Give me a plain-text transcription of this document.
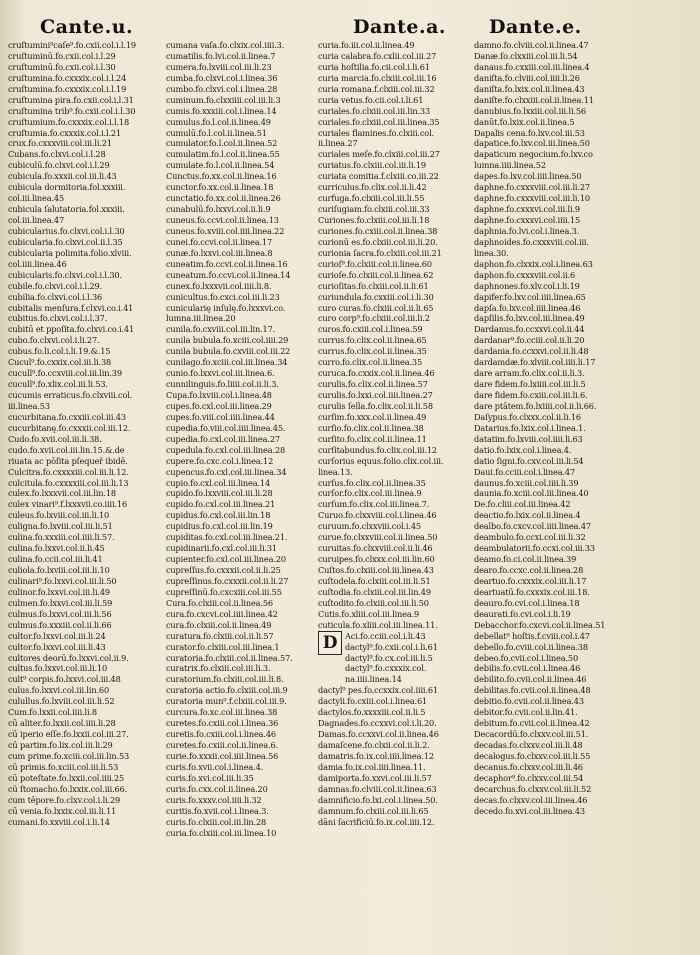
Cante.u.	Dante.a. Dante.e.
cruſtumini⁹caſe⁹.fo.cxii.col.i.l.19
cruſtuminū.fo.cxii.col.i.l.29
cruſtuminū.fo.cxii.col.i.l.30
cruſtumina.fo.cxxxix.col.i.l.24
cruſtumina.fo.cxxxix.col.i.l.19
cruſtumina pira.fo.cxii.col.i.l.31
cruſtumina trib⁹.fo.cxii.col.i.l.30
cruſtumium.fo.cxxxix.col.i.l.18
cruſtumia.fo.cxxxix.col.i.l.21
crux.fo.cxxxviii.col.iii.li.21
Cubans.fo.clxvi.col.i.l.28
cubiculū.fo.clxvi.col.i.l.29
cubicula.fo.xxxii.col.iii.li.43
cubicula dormitoria.fol.xxxiii.
col.iii.linea.45
cubicula ſalutatoria.fol.xxxiii.
col.iii.linea.47
cubicularius.fo.clxvi.col.i.l.30
cubicularia.fo.clxvi.col.ii.l.35
cubicularia polimita.folio.xlviii.
col.iiii.linea.46
cubicularis.fo.clxvi.col.i.l.30.
cubile.fo.clxvi.col.i.l.29.
cubilia.fo.clxvi.col.i.l.36
cubitalis menſura.f.clxvi.co.i.41
cubitus.fo.clxvi.col.i.l.37.
cubitū et ppoſita.fo.clxvi.co.i.41
cubo.fo.clxvi.col.i.li.27.
cubus.fo.li.col.i.li.19.&.15
Cucul⁹.fo.cxxix.col.iii.li.38
cucull⁹.fo.ccxviii.col.iii.lin.39
cucull⁹.fo.xlix.col.iii.li.53.
cucumis erraticus.fo.clxviii.col.
iii.linea.53
cucurbitana.fo.cxxiii.col.iii.43
cucurbitanę.fo.cxxxii.col.iii.12.
Cudo.fo.xvii.col.iii.li.38.
cudo.fo.xvii.col.iii.lin.15.&.de
riuata ac pōſita pſequeř ibidē.
Culcitra.fo.cxxxxiii.col.iii.li.12.
culcitula.fo.cxxxxiii.col.iii.li.13
culex.fo.lxxxvii.col.iii.lin.18
culex vinari⁹.f.lxxxvii.co.iiii.16
culeus.fo.lxviii.col.iii.li.10
culigna.fo.lxviii.col.iii.li.51
culina.fo.xxxiii.col.iiii.li.57.
culina.fo.lxxvi.col.ii.li.45
culina.fo.ccii.col.iii.li.41
culiola.fo.lxviii.col.iii.li.10
culinari⁹.fo.lxxvi.col.iii.li.50
culinor.fo.lxxvi.col.iii.li.49
culmen.fo.lxxvi.col.iii.li.59
culmus.fo.lxxvi.col.iii.li.56
culmus.fo.xxxiii.col.ii.li.66
cultor.fo.lxxvi.col.iii.li.24
cultor.fo.lxxvi.col.iii.li.43
cultores deorū.fo.lxxvi.col.ii.9.
cultus.fo.lxxvi.col.iii.li.10
cult⁹ corpis.fo.lxxvi.col.iii.48
culus.fo.lxxvi.col.iii.lin.60
culullus.fo.lxviii.col.iii.li.52
Cum.fo.lxxii.col.iiii.li.8
cū aliter.fo.lxxii.col.iiii.li.28
cū iperio eſſe.fo.lxxii.col.iii.27.
cū partim.fo.lix.col.iii.li.29
cum prime.fo.xciii.col.iii.lin.53
cū primis.fo.xciii.col.iii.li.53
cū poteſtate.fo.lxxii.col.iiii.25
cū ſtomacho.fo.lxxix.col.iii.66.
cum tēpore.fo.clxv.col.i.li.29
cū venia.fo.lxxix.col.iii.li.11
cumani.fo.xxviii.col.i.li.14
cumana vaſa.fo.clxix.col.iiii.3.
cumatilis.fo.lvi.col.ii.linea.7
cumera.fo.lxviii.col.iii.li.23
cumba.fo.clxvi.col.i.linea.36
cumbo.fo.clxvi.col.i.linea.28
cuminum.fo.clxxiiii.col.iii.li.3
cumis.fo.xxxiii.col.i.linea.14
cumulus.fo.l.col.ii.linea.49
cumulū.fo.l.col.ii.linea.51
cumulator.fo.l.col.ii.linea.52
cumulatim.fo.l.col.ii.linea.55
cumulate.fo.l.col.ii.linea.54
Cunctus.fo.xx.col.ii.linea.16
cunctor.fo.xx.col.ii.linea.18
cunctatio.fo.xx.col.ii.linea.26
cunabulū.fo.lxxvi.col.ii.li.9
cuneus.fo.ccvi.col.ii.linea.13
cuneus.fo.xviii.col.iiii.linea.22
cunei.fo.ccvi.col.ii.linea.17
cunæ.fo.lxxvi.col.iii.linea.8
cuneatim.fo.ccvi.col.ii.linea.16
cuneatum.fo.ccvi.col.ii.linea.14
cunex.fo.lxxxvii.col.iiii.li.8.
cunicultus.fo.cxci.col.iii.li.23
cunicularię inſulę.fo.lxxxvi.co.
lumna.iii.linea.20
cunila.fo.cxviii.col.iii.lin.17.
cunila bubula.fo.xciii.col.iiii.29
cunila bubula.fo.cxviii.col.iii.22
cunilago.fo.xciii.col.iii.linea.34
cunio.fo.lxxvi.col.iii.linea.6.
cunnilinguis.fo.liiii.col.ii.li.3.
Cupa.fo.lxviii.col.i.linea.48
cupes.fo.cxl.col.iii.linea.29
cupes.fo.viii.col.iiii.linea.44
cupedia.fo.viii.col.iiii.linea.45.
cupedia.fo.cxl.col.iii.linea.27
cupedula.fo.cxl.col.iii.linea.28
cupere.fo.cxc.col.i.linea.12
cupencus.fo.cxl.col.iii.linea.34
cupio.fo.cxl.col.iii.linea.14
cupido.fo.lxxviii.col.iii.li.28
cupido.fo.cxl.col.iii.linea.21
cupidus.fo.cxl.col.iii.lin.18
cupidius.fo.cxl.col.iii.lin.19
cupiditas.fo.cxl.col.iii.linea.21.
cupidinarii.fo.cxl.col.iii.li.31
cupienter.fo.cxl.col.iii.linea.20
cupreſſus.fo.cxxxii.col.ii.li.25
cupreſſinus.fo.cxxxii.col.ii.li.27
cupreſſinū.fo.cxcxiii.col.iii.55
Cura.fo.clxiii.col.ii.linea.56
cura.fo.cxcvi.col.iiii.linea.42
cura.fo.clxiii.col.ii.linea.49
curatura.fo.clxiii.col.ii.li.57
curator.fo.clxiii.col.iii.linea.1
curatoria.fo.clxiii.col.ii.linea.57.
curatrix.fo.clxiii.col.iii.li.3.
curatorium.fo.clxiii.col.iii.li.8.
curatoria actio.fo.clxiii.col.iii.9
curatoria mun⁹.f.clxiii.col.iii.9.
curcura.fo.xc.col.iii.linea.38
curetes.fo.cxiii.col.i.linea.36
curetis.fo.cxiii.col.i.linea.46
curetes.fo.cxiii.col.ii.linea.6.
curie.fo.xxxii.col.iiii.linea.56
curis.fo.xvii.col.i.linea.4.
curis.fo.xvi.col.iii.li.35
curis.fo.cxx.col.ii.linea.20
curis.fo.xxxv.col.iiii.li.32
curitis.fo.xvii.col.i.linea.3.
curis.fo.clxiii.col.iii.lin.28
curia.fo.clxiii.col.iii.linea.10
curia.fo.iii.col.ii.linea.49
curia calabra.fo.cxlii.col.iii.27
curia hoſtilia.fo.cii.col.i.li.61
curia marcia.fo.clxiii.col.iii.16
curia romana.f.clxiii.col.iii.32
curia vetus.fo.cii.col.i.li.61
curiales.fo.clxiii.col.iii.lin.33
curiales.fo.clxiii.col.iii.linea.35
curiales flamines.fo.clxiii.col.
ii.linea.27
curiales meſe.fo.clxiii.col.iii.27
curiatus.fo.clxiii.col.iii.li.19
curiata comitia.f.clxiii.co.iii.22
curriculus.fo.clix.col.ii.li.42
curfuga.fo.clxiii.col.iii.li.55
curiſugiam.fo.clxiii.col.iii.33
Curiones.fo.clxiii.col.iii.li.18
curiones.fo.cxiii.col.ii.linea.38
curionū es.fo.clxiii.col.iii.li.20.
curionia ſacra.fo.clxiii.col.iii.21
curioſ⁹.fo.clxiii.col.ii.linea.60
curioſe.fo.clxiii.col.ii.linea.62
curioſitas.fo.clxiii.col.ii.li.61
curiundula.fo.cxxiii.col.i.li.30
curo curas.fo.clxiii.col.ii.li.65
curo corp⁹.fo.clxiii.col.iii.li.2
curos.fo.cxiii.col.i.linea.59
currus.fo.clix.col.ii.linea.65
currus.fo.clix.col.ii.linea.35
curro.fo.clix.col.ii.linea.35
curuca.fo.cxxix.col.ii.linea.46
curulis.fo.clix.col.ii.linea.57
curulis.fo.lxxi.col.iiii.linea.27
curulis ſella.fo.clix.col.ii.li.58
curſim.fo.xxx.col.ii.linea.49
curſio.fo.clix.col.ii.linea.38
curſito.fo.clix.col.ii.linea.11
curſitabundus.fo.clix.col.iii.12
curſorius equus.folio.clix.col.iii.
linea.13.
curſus.fo.clix.col.ii.linea.35
curſor.fo.clix.col.iii.linea.9
curſum.fo.clix.col.iii.linea.7.
Curuo.fo.clxxviii.col.i.linea.46
curuum.fo.clxxviii.col.i.45
curue.fo.clxxviii.col.ii.linea.50
curuitas.fo.clxxviii.col.ii.li.46
curuipes.fo.clxxx.col.iii.lin.60
Cuſtos.fo.clxiii.col.iii.linea.43
cuſtodela.fo.clxiii.col.iii.li.51
cuſtodia.fo.clxiii.col.iii.lin.49
cuſtodito.fo.clxiii.col.iii.li.50
Cutis.fo.xliii.col.iii.linea.9
cuticula.fo.xliii.col.iii.linea.11.
D Aci.fo.cciii.col.i.li.43
dactyl⁹.fo.cxii.col.i.li.61
dactyl⁹.fo.cx.col.iii.li.5
dactyl⁹.fo.cxxxix.col.
na.iiii.linea.14
dactyl⁹ pes.fo.ccxxix.col.iiii.61
dactyli.fo.cxiii.col.i.linea.61
dactylos.fo.xxxxiii.col.ii.li.5
Dagnades.fo.ccxxvi.col.i.li.20.
Damas.fo.ccxxvi.col.ii.linea.46
damaſcene.fo.clxii.col.ii.li.2.
damatris.fo.ix.col.iiii.linea.12
damia.fo.ix.col.iiii.linea.11.
damiporta.fo.xxvi.col.iii.li.57
damnas.fo.clviii.col.ii.linea.63
damnificio.fo.lxi.col.i.linea.50.
damnum.fo.clxiii.col.iii.li.65
dāni ſacrificiū.fo.ix.col.iiii.12.
damno.fo.clviii.col.ii.linea.47
Danæ.fo.clxxiii.col.iii.li.54
danaus.fo.cxxiii.col.iii.linea.4
daniſta.fo.clviii.col.iiii.li.26
daniſta.fo.lxix.col.ii.linea.43
daniſte.fo.clxxiii.col.ii.linea.11
danubius.fo.lxxiii.col.iii.li.56
danūt.fo.lxix.col.ii.linea.5
Dapalis cena.fo.lxv.col.iii.53
dapatice.fo.lxv.col.iii.linea.50
dapaticum negocium.fo.lxv.co
lumna.iiii.linea.52
dapes.fo.lxv.col.iiii.linea.50
daphne.fo.cxxxviii.col.iii.li.27
daphne.fo.cxxxviii.col.iii.li.10
daphne.fo.cxxxvi.col.iii.li.9
daphne.fo.cxxxvi.col.iiii.15
daphnia.fo.lvi.col.i.linea.3.
daphnoides.fo.cxxxviii.col.iii.
linea.30.
daphon.fo.clxxix.col.i.linea.63
daphon.fo.cxxxviii.col.ii.6
daphnones.fo.xlv.col.i.li.19
dapifer.fo.lxv.col.iiii.linea.65
dapſa.fo.lxv.col.iiii.linea.46
dapſilis.fo.lxv.col.iii.linea.49
Dardanus.fo.ccxxvi.col.ii.44
dardanar⁹.fo.cciii.col.ii.li.20
dardania.fo.ccxxvi.col.ii.li.48
dardamdæ.fo.xlviii.col.iiii.li.17
dare arram.fo.clix.col.ii.li.3.
dare fidem.fo.lxiiii.col.iii.li.5
dare fidem.fo.cxiii.col.iii.li.6.
dare ptātem.fo.lxiiii.col.ii.li.66.
Daſypus.fo.clxxx.col.ii.li.16
Datarius.fo.lxix.col.i.linea.1.
datatim.fo.lxviii.col.iiii.li.63
datio.fo.lxix.col.i.linea.4.
datio ſigni.fo.cxv.col.iii.li.54
Daui.fo.cciii.col.i.linea.47
daunus.fo.xciii.col.iiii.li.39
daunia.fo.xciii.col.iii.linea.40
De.fo.cliii.col.iii.linea.42
deactio.fo.lxix.col.ii.linea.4
dealbo.fo.cxcv.col.iiii.linea.47
deambulo.fo.ccxi.col.iii.li.32
deambulatorii.fo.ccxi.col.iii.33
deamo.fo.ci.col.ii.linea.39
dearo.fo.ccxc.col.ii.linea.28
deartuo.fo.cxxxix.col.iii.li.17
deartuatū.fo.cxxxix.col.iii.18.
deauro.fo.cvi.col.i.linea.18
deaurati.fo.cvi.col.i.li.19
Debacchor.fo.cxcvi.col.ii.linea.51
debellat⁹ hoſtis.f.cviii.col.i.47
debello.fo.cviii.col.ii.linea.38
debeo.fo.cvii.col.i.linea.50
debilis.fo.cvii.col.i.linea.46
debilito.fo.cvii.col.ii.linea.46
debilitas.fo.cvii.col.ii.linea.48
debitio.fo.cvii.col.ii.linea.43
debitor.fo.cvii.col.ii.lin.41.
debitum.fo.cvii.col.ii.linea.42
Decacordū.fo.clxxv.col.iii.51.
decadas.fo.clxxv.col.iii.li.48
decalogus.fo.clxxv.col.iii.li.55
decanus.fo.clxxv.col.iii.li.46
decaphor⁹.fo.clxxv.col.iii.54
decarchus.fo.clxxv.col.iii.li.52
decas.fo.clxxv.col.iii.linea.46
decedo.fo.xvi.col.iii.linea.43
